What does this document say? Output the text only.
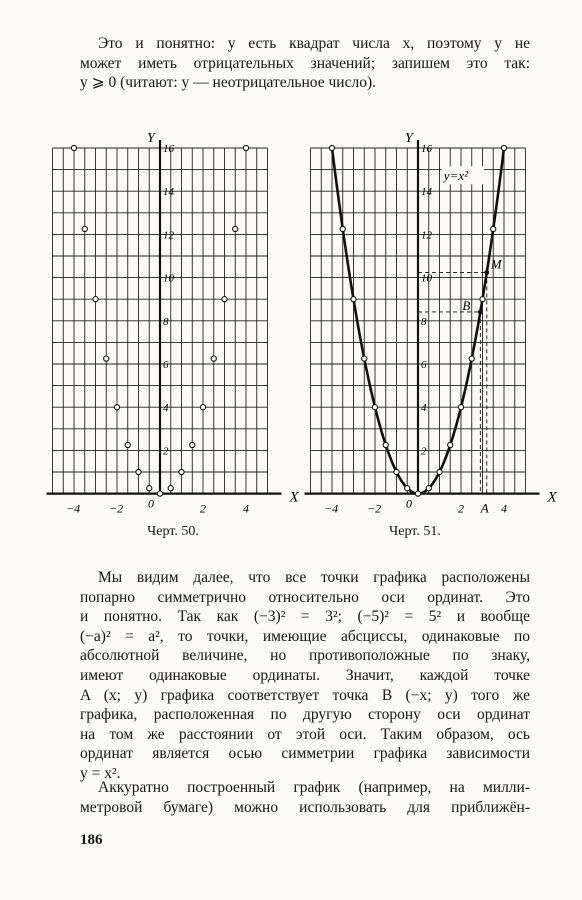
Это и понятно: y есть квадрат числа x, поэтому y не
может иметь отрицательных значений; запишем это так:
y ⩾ 0 (читают: y — неотрицательное число).

X
Y
2
4
6
8
10
12
14
16
−4 −2	2	4
0	X
Y
2
4
6
8
10
12
14
16
−4 −2	2	4
0
M
B
A
y=x²
Черт. 50.	Черт. 51.

Мы видим далее, что все точки графика расположены
попарно симметрично относительно оси ординат. Это
и понятно. Так как (−3)² = 3²; (−5)² = 5² и вообще
(−a)² = a², то точки, имеющие абсциссы, одинаковые по
абсолютной величине, но противоположные по знаку,
имеют одинаковые ординаты. Значит, каждой точке
A (x; y) графика соответствует точка B (−x; y) того же
графика, расположенная по другую сторону оси ординат
на том же расстоянии от этой оси. Таким образом, ось
ординат является осью симметрии графика зависимости
y = x².

Аккуратно построенный график (например, на милли-
метровой бумаге) можно использовать для приближён-

186
